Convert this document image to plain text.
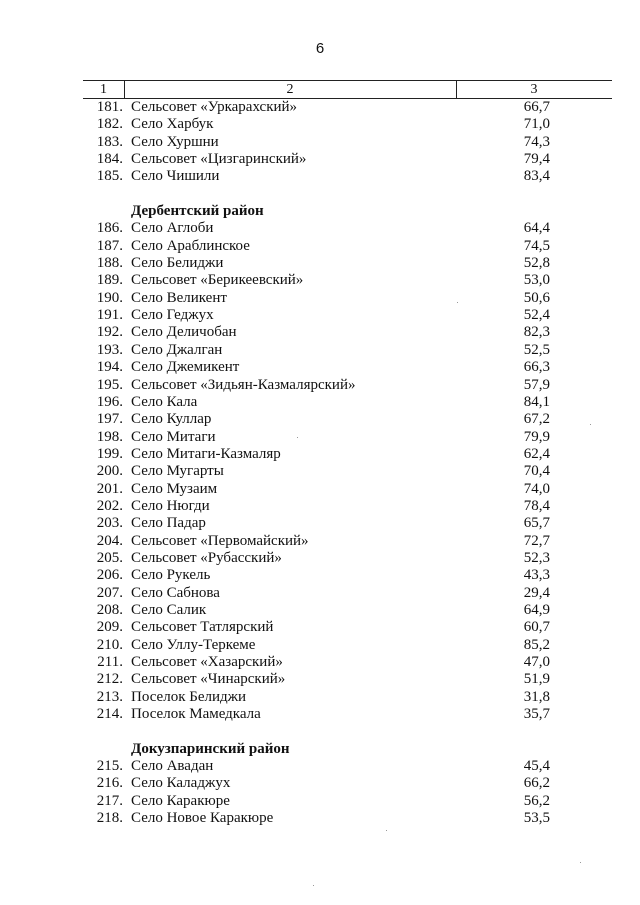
6
1	2	3
181. Сельсовет «Уркарахский»	66,7
182. Село Харбук	71,0
183. Село Хуршни	74,3
184. Сельсовет «Цизгаринский»	79,4
185. Село Чишили	83,4
Дербентский район
186. Село Аглоби	64,4
187. Село Араблинское	74,5
188. Село Белиджи	52,8
189. Сельсовет «Берикеевский»	53,0
190. Село Великент	50,6
191. Село Геджух	52,4
192. Село Деличобан	82,3
193. Село Джалган	52,5
194. Село Джемикент	66,3
195. Сельсовет «Зидьян-Казмалярский»	57,9
196. Село Кала	84,1
197. Село Куллар	67,2
198. Село Митаги	79,9
199. Село Митаги-Казмаляр	62,4
200. Село Мугарты	70,4
201. Село Музаим	74,0
202. Село Нюгди	78,4
203. Село Падар	65,7
204. Сельсовет «Первомайский»	72,7
205. Сельсовет «Рубасский»	52,3
206. Село Рукель	43,3
207. Село Сабнова	29,4
208. Село Салик	64,9
209. Сельсовет Татлярский	60,7
210. Село Уллу-Теркеме	85,2
211. Сельсовет «Хазарский»	47,0
212. Сельсовет «Чинарский»	51,9
213. Поселок Белиджи	31,8
214. Поселок Мамедкала	35,7
Докузпаринский район
215. Село Авадан	45,4
216. Село Каладжух	66,2
217. Село Каракюре	56,2
218. Село Новое Каракюре	53,5
